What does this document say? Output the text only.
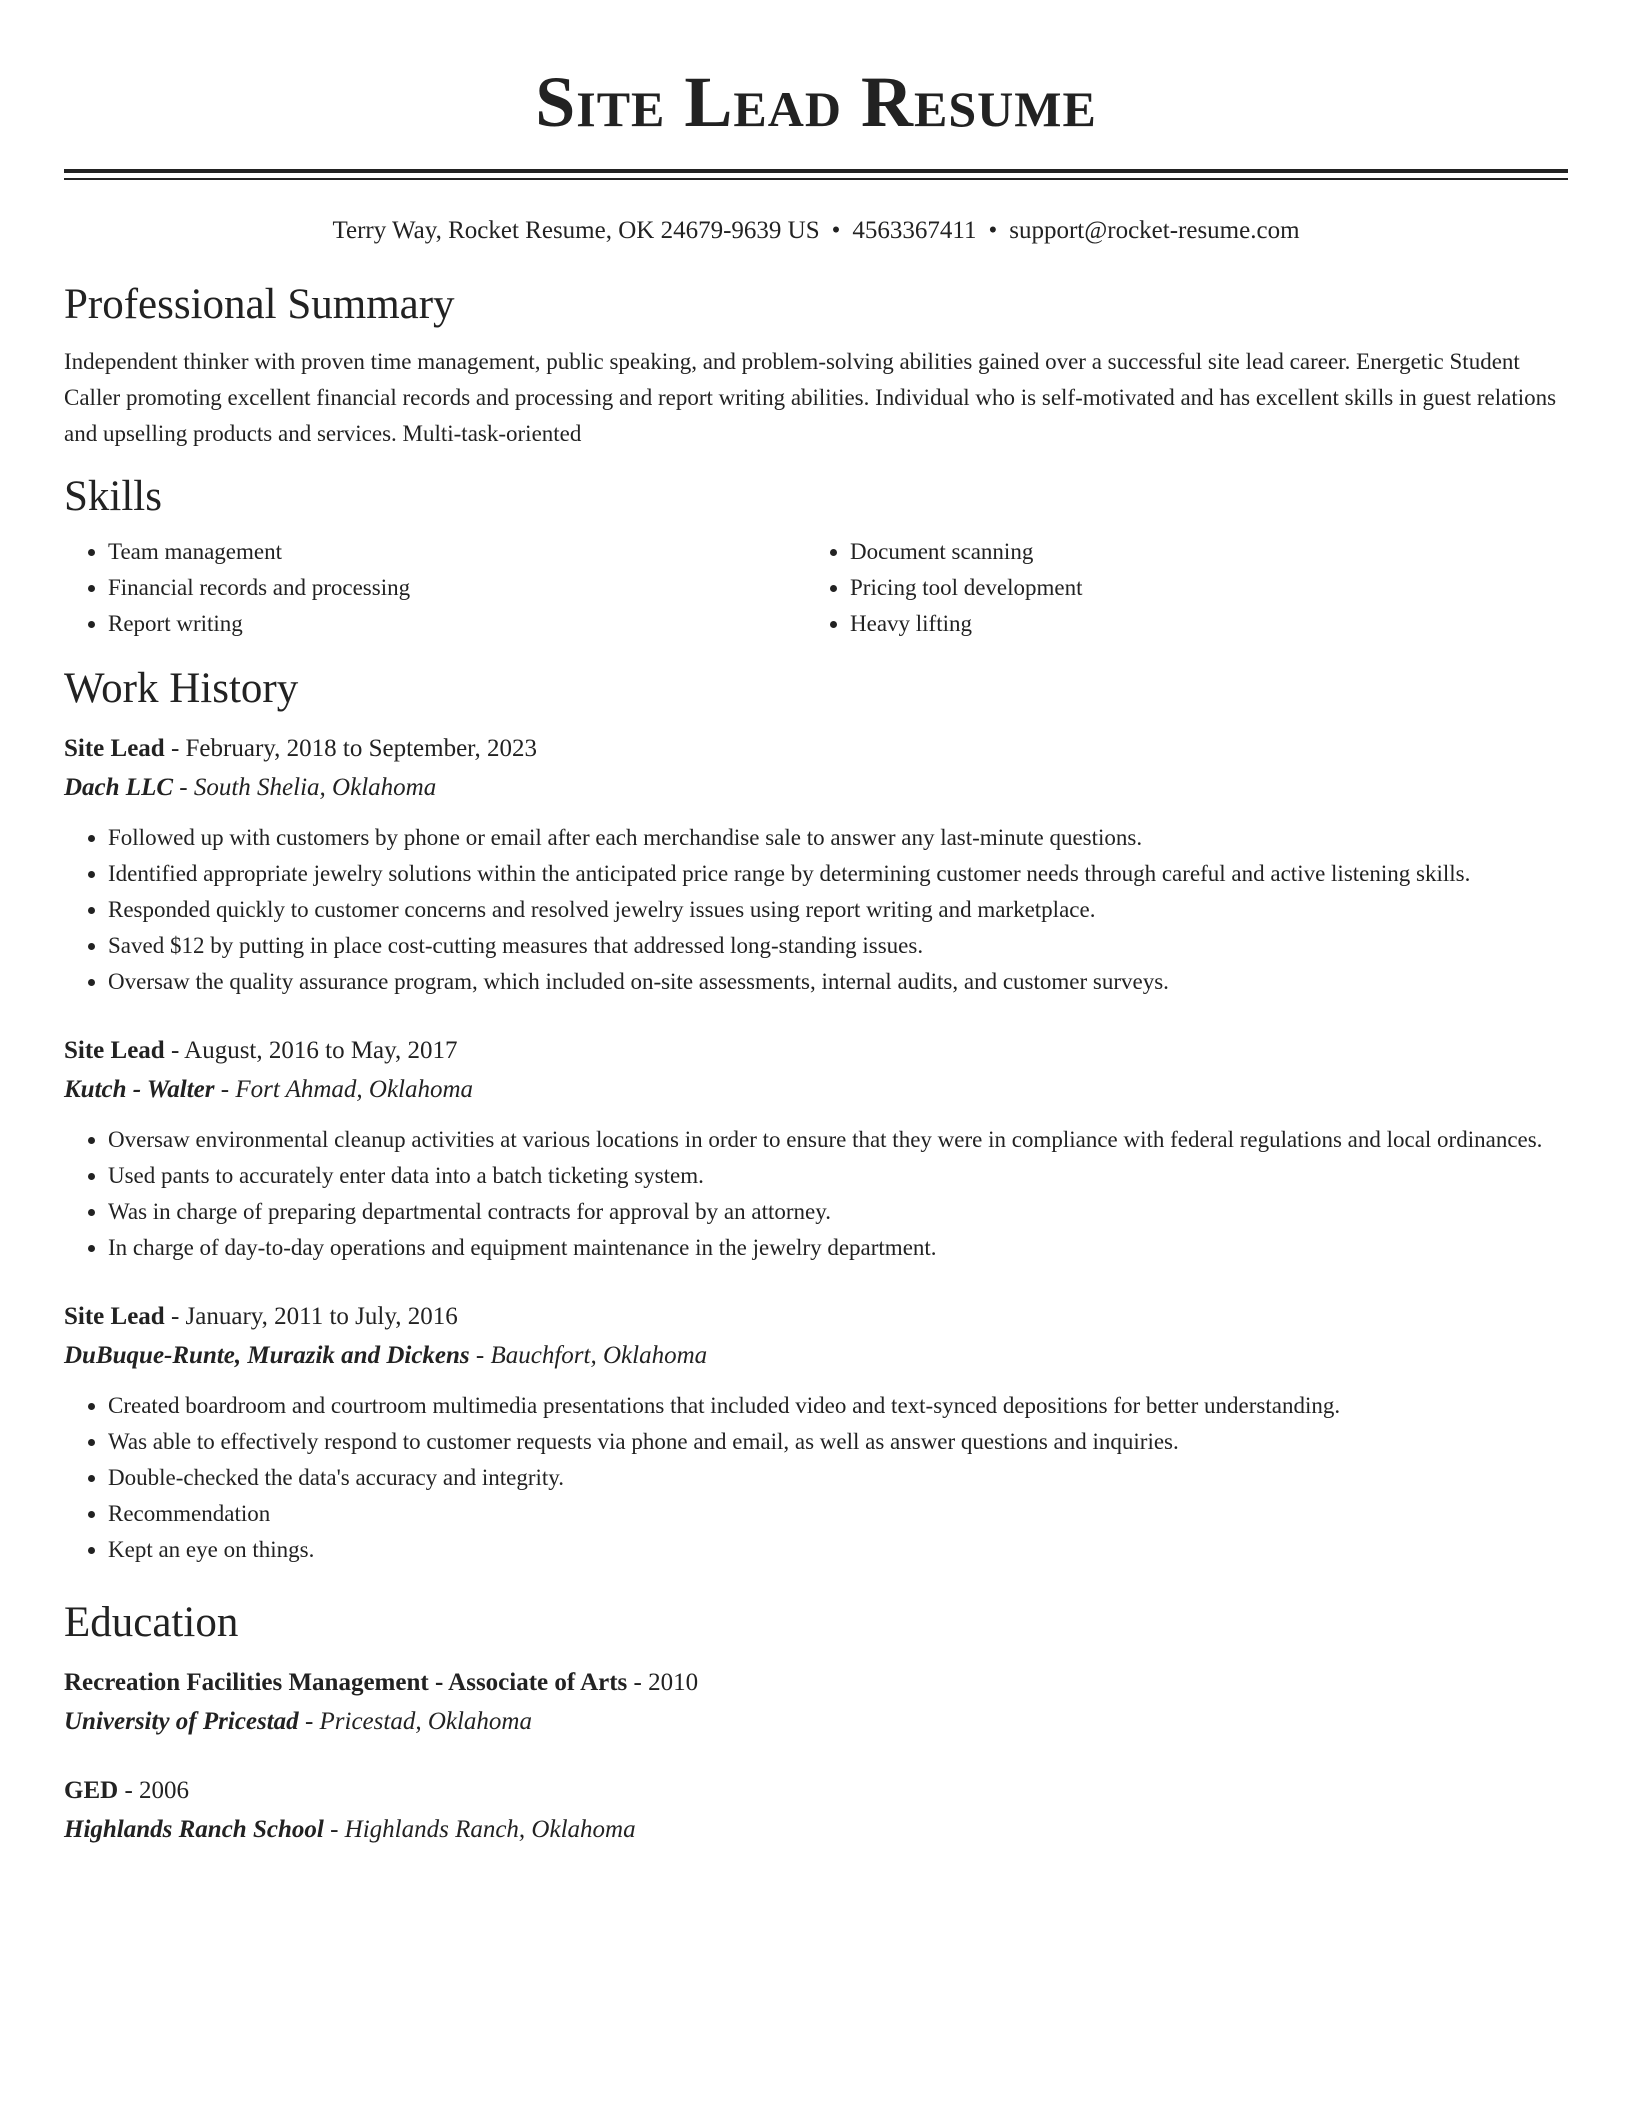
Site Lead Resume
Terry Way, Rocket Resume, OK 24679-9639 US • 4563367411 • support@rocket-resume.com
Professional Summary

Independent thinker with proven time management, public speaking, and problem-solving abilities gained over a successful site lead career. Energetic Student Caller promoting excellent financial records and processing and report writing abilities. Individual who is self-motivated and has excellent skills in guest relations and upselling products and services. Multi-task-oriented

Skills
• Team management
• Financial records and processing
• Report writing
• Document scanning
• Pricing tool development
• Heavy lifting
Work History
Site Lead - February, 2018 to September, 2023
Dach LLC - South Shelia, Oklahoma
• Followed up with customers by phone or email after each merchandise sale to answer any last-minute questions.
• Identified appropriate jewelry solutions within the anticipated price range by determining customer needs through careful and active listening skills.
• Responded quickly to customer concerns and resolved jewelry issues using report writing and marketplace.
• Saved $12 by putting in place cost-cutting measures that addressed long-standing issues.
• Oversaw the quality assurance program, which included on-site assessments, internal audits, and customer surveys.
Site Lead - August, 2016 to May, 2017
Kutch - Walter - Fort Ahmad, Oklahoma
• Oversaw environmental cleanup activities at various locations in order to ensure that they were in compliance with federal regulations and local ordinances.
• Used pants to accurately enter data into a batch ticketing system.
• Was in charge of preparing departmental contracts for approval by an attorney.
• In charge of day-to-day operations and equipment maintenance in the jewelry department.
Site Lead - January, 2011 to July, 2016
DuBuque-Runte, Murazik and Dickens - Bauchfort, Oklahoma
• Created boardroom and courtroom multimedia presentations that included video and text-synced depositions for better understanding.
• Was able to effectively respond to customer requests via phone and email, as well as answer questions and inquiries.
• Double-checked the data's accuracy and integrity.
• Recommendation
• Kept an eye on things.
Education
Recreation Facilities Management - Associate of Arts - 2010
University of Pricestad - Pricestad, Oklahoma
GED - 2006
Highlands Ranch School - Highlands Ranch, Oklahoma
